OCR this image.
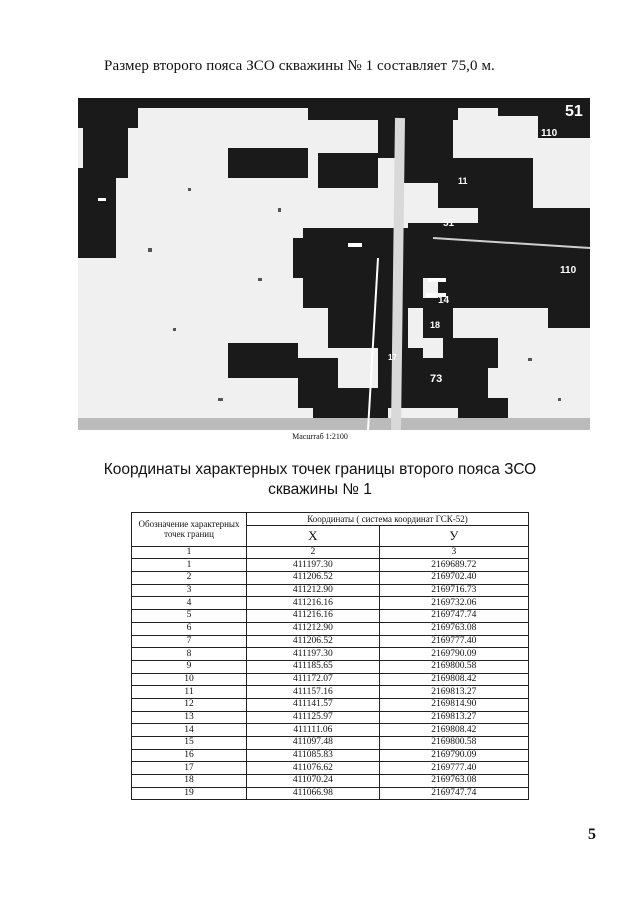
Размер второго пояса ЗСО скважины № 1 составляет 75,0 м.
51
110
11
51
110
14
18
17
73
Масштаб 1:2100
Координаты характерных точек границы второго пояса ЗСО
скважины № 1
Обозначение характерных точек границ	Координаты ( система координат ГСК-52)	
	X	У
1	2	3
1	411197.30	2169689.72
2	411206.52	2169702.40
3	411212.90	2169716.73
4	411216.16	2169732.06
5	411216.16	2169747.74
6	411212.90	2169763.08
7	411206.52	2169777.40
8	411197.30	2169790.09
9	411185.65	2169800.58
10	411172.07	2169808.42
11	411157.16	2169813.27
12	411141.57	2169814.90
13	411125.97	2169813.27
14	411111.06	2169808.42
15	411097.48	2169800.58
16	411085.83	2169790.09
17	411076.62	2169777.40
18	411070.24	2169763.08
19	411066.98	2169747.74
5
